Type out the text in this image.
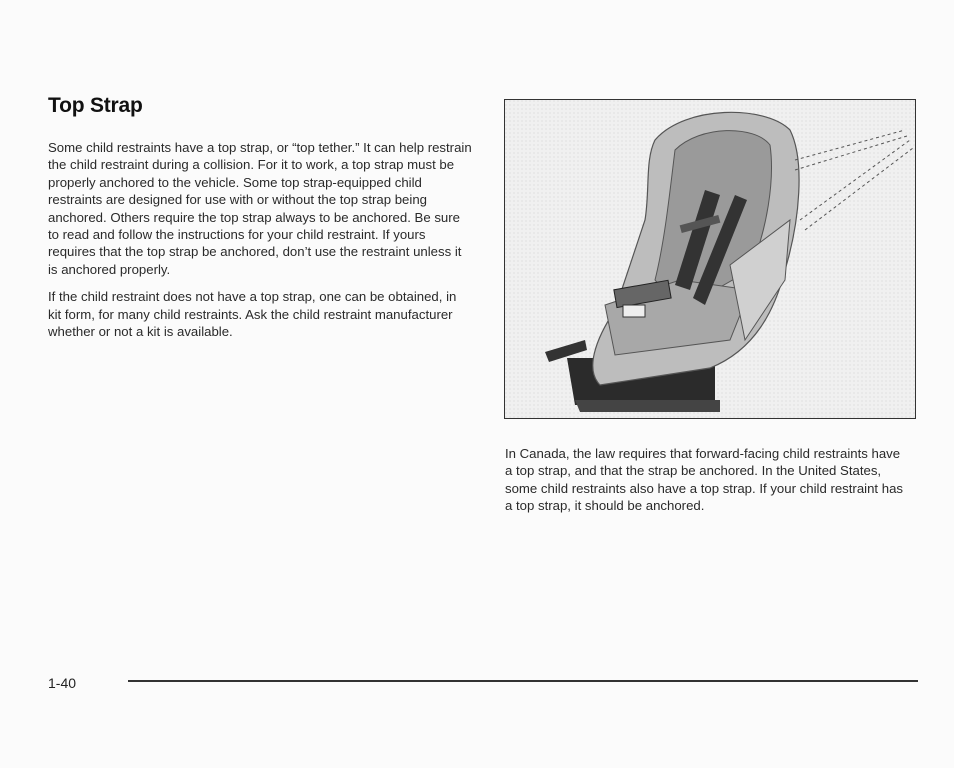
Top Strap

Some child restraints have a top strap, or “top tether.” It can help restrain the child restraint during a collision. For it to work, a top strap must be properly anchored to the vehicle. Some top strap-equipped child restraints are designed for use with or without the top strap being anchored. Others require the top strap always to be anchored. Be sure to read and follow the instructions for your child restraint. If yours requires that the top strap be anchored, don’t use the restraint unless it is anchored properly.

If the child restraint does not have a top strap, one can be obtained, in kit form, for many child restraints. Ask the child restraint manufacturer whether or not a kit is available.

In Canada, the law requires that forward-facing child restraints have a top strap, and that the strap be anchored. In the United States, some child restraints also have a top strap. If your child restraint has a top strap, it should be anchored.

1-40
